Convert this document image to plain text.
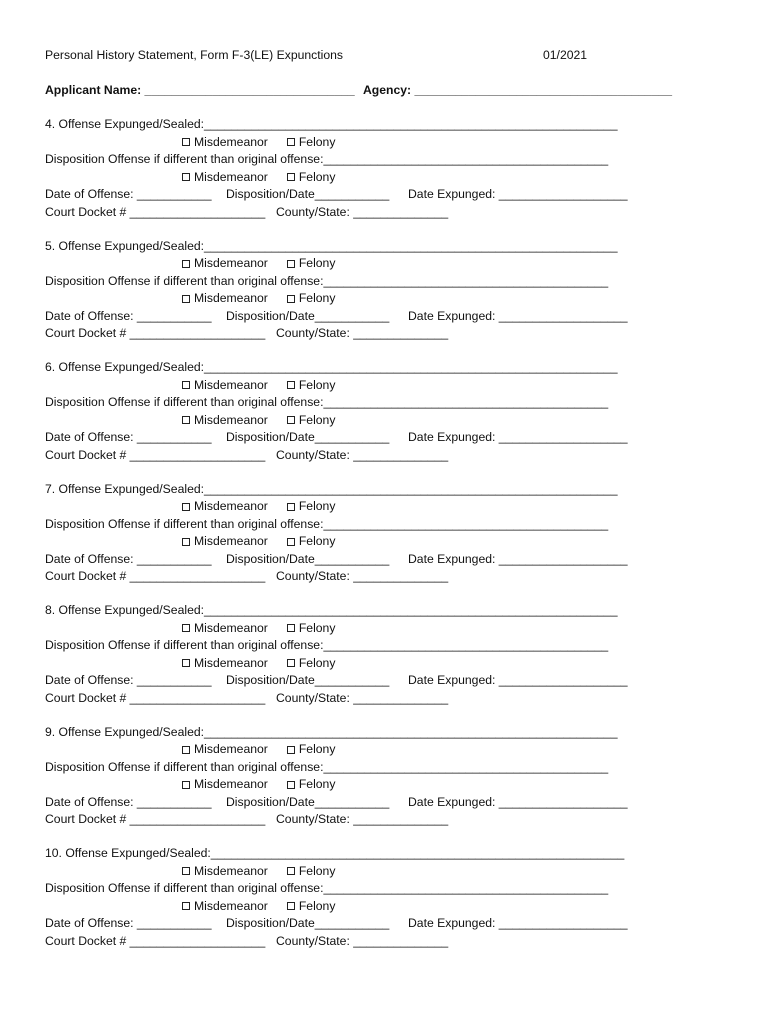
Personal History Statement, Form F-3(LE) Expunctions	01/2021
Applicant Name: _______________________________ Agency: ______________________________________
4. Offense Expunged/Sealed:_____________________________________________________________
Misdemeanor	Felony
Disposition Offense if different than original offense:__________________________________________
Misdemeanor	Felony
Date of Offense: ___________ Disposition/Date___________ Date Expunged: ___________________
Court Docket # ____________________ County/State: ______________
5. Offense Expunged/Sealed:_____________________________________________________________
Misdemeanor	Felony
Disposition Offense if different than original offense:__________________________________________
Misdemeanor	Felony
Date of Offense: ___________ Disposition/Date___________ Date Expunged: ___________________
Court Docket # ____________________ County/State: ______________
6. Offense Expunged/Sealed:_____________________________________________________________
Misdemeanor	Felony
Disposition Offense if different than original offense:__________________________________________
Misdemeanor	Felony
Date of Offense: ___________ Disposition/Date___________ Date Expunged: ___________________
Court Docket # ____________________ County/State: ______________
7. Offense Expunged/Sealed:_____________________________________________________________
Misdemeanor	Felony
Disposition Offense if different than original offense:__________________________________________
Misdemeanor	Felony
Date of Offense: ___________ Disposition/Date___________ Date Expunged: ___________________
Court Docket # ____________________ County/State: ______________
8. Offense Expunged/Sealed:_____________________________________________________________
Misdemeanor	Felony
Disposition Offense if different than original offense:__________________________________________
Misdemeanor	Felony
Date of Offense: ___________ Disposition/Date___________ Date Expunged: ___________________
Court Docket # ____________________ County/State: ______________
9. Offense Expunged/Sealed:_____________________________________________________________
Misdemeanor	Felony
Disposition Offense if different than original offense:__________________________________________
Misdemeanor	Felony
Date of Offense: ___________ Disposition/Date___________ Date Expunged: ___________________
Court Docket # ____________________ County/State: ______________
10. Offense Expunged/Sealed:_____________________________________________________________
Misdemeanor	Felony
Disposition Offense if different than original offense:__________________________________________
Misdemeanor	Felony
Date of Offense: ___________ Disposition/Date___________ Date Expunged: ___________________
Court Docket # ____________________ County/State: ______________
